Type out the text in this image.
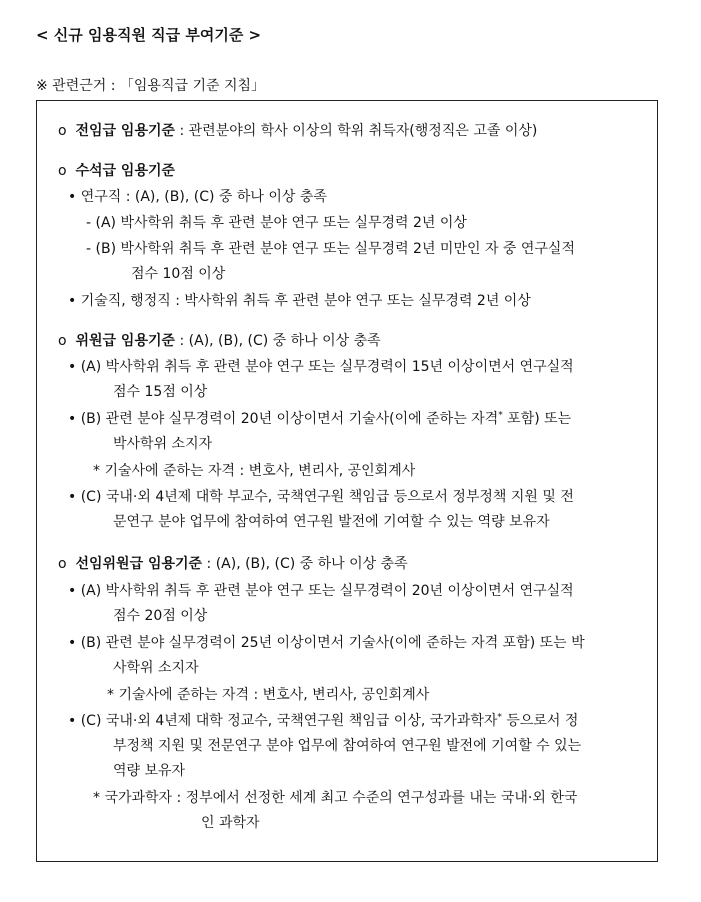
< 신규 임용직원 직급 부여기준 >
※ 관련근거 : 「임용직급 기준 지침」
o 전임급 임용기준 : 관련분야의 학사 이상의 학위 취득자(행정직은 고졸 이상)
o 수석급 임용기준
• 연구직 : (A), (B), (C) 중 하나 이상 충족
- (A) 박사학위 취득 후 관련 분야 연구 또는 실무경력 2년 이상
- (B) 박사학위 취득 후 관련 분야 연구 또는 실무경력 2년 미만인 자 중 연구실적
점수 10점 이상
• 기술직, 행정직 : 박사학위 취득 후 관련 분야 연구 또는 실무경력 2년 이상
o 위원급 임용기준 : (A), (B), (C) 중 하나 이상 충족
• (A) 박사학위 취득 후 관련 분야 연구 또는 실무경력이 15년 이상이면서 연구실적
점수 15점 이상
• (B) 관련 분야 실무경력이 20년 이상이면서 기술사(이에 준하는 자격* 포함) 또는
박사학위 소지자
* 기술사에 준하는 자격 : 변호사, 변리사, 공인회계사
• (C) 국내·외 4년제 대학 부교수, 국책연구원 책임급 등으로서 정부정책 지원 및 전
문연구 분야 업무에 참여하여 연구원 발전에 기여할 수 있는 역량 보유자
o 선임위원급 임용기준 : (A), (B), (C) 중 하나 이상 충족
• (A) 박사학위 취득 후 관련 분야 연구 또는 실무경력이 20년 이상이면서 연구실적
점수 20점 이상
• (B) 관련 분야 실무경력이 25년 이상이면서 기술사(이에 준하는 자격 포함) 또는 박
사학위 소지자
* 기술사에 준하는 자격 : 변호사, 변리사, 공인회계사
• (C) 국내·외 4년제 대학 정교수, 국책연구원 책임급 이상, 국가과학자* 등으로서 정
부정책 지원 및 전문연구 분야 업무에 참여하여 연구원 발전에 기여할 수 있는
역량 보유자
* 국가과학자 : 정부에서 선정한 세계 최고 수준의 연구성과를 내는 국내·외 한국
인 과학자
